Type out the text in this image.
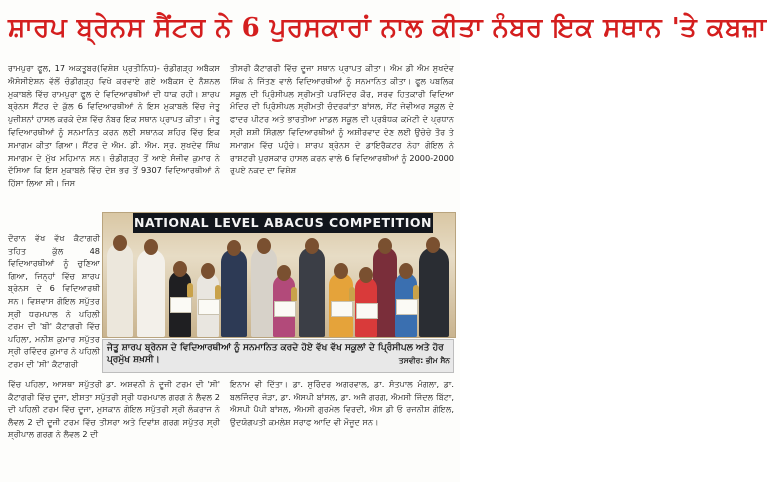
ਸ਼ਾਰਪ ਬ੍ਰੇਨਸ ਸੈਂਟਰ ਨੇ 6 ਪੁਰਸਕਾਰਾਂ ਨਾਲ ਕੀਤਾ ਨੰਬਰ ਇਕ ਸਥਾਨ 'ਤੇ ਕਬਜ਼ਾ
ਰਾਮਪੁਰਾ ਫੂਲ, 17 ਅਕਤੂਬਰ(ਵਿਸ਼ੇਸ਼ ਪ੍ਰਤੀਨਿਧ)- ਚੰਡੀਗੜ੍ਹ ਅਬੈਕਸ ਐਸੋਸੀਏਸ਼ਨ ਵੱਲੋਂ ਚੰਡੀਗੜ੍ਹ ਵਿਖੇ ਕਰਵਾਏ ਗਏ ਅਬੈਕਸ ਦੇ ਨੈਸ਼ਨਲ ਮੁਕਾਬਲੇ ਵਿੱਚ ਰਾਮਪੁਰਾ ਫੂਲ ਦੇ ਵਿਦਿਆਰਥੀਆਂ ਦੀ ਧਾਕ ਰਹੀ। ਸ਼ਾਰਪ ਬ੍ਰੇਨਸ ਸੈਂਟਰ ਦੇ ਕੁੱਲ 6 ਵਿਦਿਆਰਥੀਆਂ ਨੇ ਇਸ ਮੁਕਾਬਲੇ ਵਿੱਚ ਜੇਤੂ ਪੁਜ਼ੀਸ਼ਨਾਂ ਹਾਸਲ ਕਰਕੇ ਦੇਸ਼ ਵਿੱਚ ਨੰਬਰ ਇਕ ਸਥਾਨ ਪ੍ਰਾਪਤ ਕੀਤਾ। ਜੇਤੂ ਵਿਦਿਆਰਥੀਆਂ ਨੂੰ ਸਨਮਾਨਿਤ ਕਰਨ ਲਈ ਸਥਾਨਕ ਸ਼ਹਿਰ ਵਿੱਚ ਇਕ ਸਮਾਗਮ ਕੀਤਾ ਗਿਆ। ਸੈਂਟਰ ਦੇ ਐਮ. ਡੀ. ਐਮ. ਸ੍ਰ. ਸੁਖਦੇਵ ਸਿੰਘ ਸਮਾਗਮ ਦੇ ਮੁੱਖ ਮਹਿਮਾਨ ਸਨ। ਚੰਡੀਗੜ੍ਹ ਤੋਂ ਆਏ ਸੰਜੀਵ ਕੁਮਾਰ ਨੇ ਦੱਸਿਆ ਕਿ ਇਸ ਮੁਕਾਬਲੇ ਵਿੱਚ ਦੇਸ਼ ਭਰ ਤੋਂ 9307 ਵਿਦਿਆਰਥੀਆਂ ਨੇ ਹਿੱਸਾ ਲਿਆ ਸੀ। ਜਿਸ
ਤੀਸਰੀ ਕੈਟਾਗਰੀ ਵਿੱਚ ਦੂਜਾ ਸਥਾਨ ਪ੍ਰਾਪਤ ਕੀਤਾ। ਐਮ ਡੀ ਐਮ ਸੁਖਦੇਵ ਸਿੰਘ ਨੇ ਜਿੱਤਣ ਵਾਲੇ ਵਿਦਿਆਰਥੀਆਂ ਨੂੰ ਸਨਮਾਨਿਤ ਕੀਤਾ। ਫੂਲ ਪਬਲਿਕ ਸਕੂਲ ਦੀ ਪ੍ਰਿੰਸੀਪਲ ਸ੍ਰੀਮਤੀ ਪਰਮਿੰਦਰ ਕੌਰ, ਸਰਵ ਹਿਤਕਾਰੀ ਵਿਦਿਆ ਮੰਦਿਰ ਦੀ ਪ੍ਰਿੰਸੀਪਲ ਸ੍ਰੀਮਤੀ ਚੰਦਰਕਾਂਤਾ ਬਾਂਸਲ, ਸੇਂਟ ਜੇਵੀਅਰ ਸਕੂਲ ਦੇ ਫਾਦਰ ਪੀਟਰ ਅਤੇ ਭਾਰਤੀਆ ਮਾਡਲ ਸਕੂਲ ਦੀ ਪ੍ਰਬੰਧਕ ਕਮੇਟੀ ਦੇ ਪ੍ਰਧਾਨ ਸ੍ਰੀ ਸ਼ਸ਼ੀ ਸਿੰਗਲਾ ਵਿਦਿਆਰਥੀਆਂ ਨੂੰ ਅਸ਼ੀਰਵਾਦ ਦੇਣ ਲਈ ਉਚੇਚੇ ਤੌਰ ਤੇ ਸਮਾਗਮ ਵਿੱਚ ਪਹੁੰਚੇ। ਸ਼ਾਰਪ ਬ੍ਰੇਨਸ ਦੇ ਡਾਇਰੈਕਟਰ ਨੇਹਾ ਗੋਇਲ ਨੇ ਰਾਸ਼ਟਰੀ ਪੁਰਸਕਾਰ ਹਾਸਲ ਕਰਨ ਵਾਲੇ 6 ਵਿਦਿਆਰਥੀਆਂ ਨੂੰ 2000-2000 ਰੁਪਏ ਨਕਦ ਦਾ ਵਿਸ਼ੇਸ਼
ਦੌਰਾਨ ਵੱਖ ਵੱਖ ਕੈਟਾਗਰੀ ਤਹਿਤ ਕੁੱਲ 48 ਵਿਦਿਆਰਥੀਆਂ ਨੂੰ ਚੁਣਿਆ ਗਿਆ, ਜਿਨ੍ਹਾਂ ਵਿੱਚ ਸ਼ਾਰਪ ਬ੍ਰੇਨਸ ਦੇ 6 ਵਿਦਿਆਰਥੀ ਸਨ। ਵਿਸ਼ਵਾਸ ਗੋਇਲ ਸਪੁੱਤਰ ਸ੍ਰੀ ਧਰਮਪਾਲ ਨੇ ਪਹਿਲੀ ਟਰਮ ਦੀ 'ਬੀ' ਕੈਟਾਗਰੀ ਵਿੱਚ ਪਹਿਲਾ, ਮਨੀਸ਼ ਕੁਮਾਰ ਸਪੁੱਤਰ ਸ੍ਰੀ ਰਵਿੰਦਰ ਕੁਮਾਰ ਨੇ ਪਹਿਲੀ ਟਰਮ ਦੀ 'ਸੀ' ਕੈਟਾਗਰੀ
NATIONAL LEVEL ABACUS COMPETITION
ਜੇਤੂ ਸ਼ਾਰਪ ਬ੍ਰੇਨਸ ਦੇ ਵਿਦਿਆਰਥੀਆਂ ਨੂੰ ਸਨਮਾਨਿਤ ਕਰਦੇ ਹੋਏ ਵੱਖ ਵੱਖ ਸਕੂਲਾਂ ਦੇ ਪ੍ਰਿੰਸੀਪਲ ਅਤੇ ਹੋਰ ਪ੍ਰਮੁੱਖ ਸ਼ਖ਼ਸੀ।	ਤਸਵੀਰ: ਭੀਮ ਸੈਨ
ਵਿੱਚ ਪਹਿਲਾ, ਆਸਥਾ ਸਪੁੱਤਰੀ ਡਾ. ਅਸ਼ਵਨੀ ਨੇ ਦੂਜੀ ਟਰਮ ਦੀ 'ਸੀ' ਕੈਟਾਗਰੀ ਵਿੱਚ ਦੂਜਾ, ਈਸ਼ਤਾ ਸਪੁੱਤਰੀ ਸ੍ਰੀ ਧਰਮਪਾਲ ਗਰਗ ਨੇ ਲੈਵਲ 2 ਦੀ ਪਹਿਲੀ ਟਰਮ ਵਿੱਚ ਦੂਜਾ, ਮੁਸਕਾਨ ਗੋਇਲ ਸਪੁੱਤਰੀ ਸ੍ਰੀ ਲੋਕਰਾਜ ਨੇ ਲੈਵਲ 2 ਦੀ ਦੂਜੀ ਟਰਮ ਵਿੱਚ ਤੀਸਰਾ ਅਤੇ ਦਿਵਾਂਸ਼ ਗਰਗ ਸਪੁੱਤਰ ਸ੍ਰੀ ਸ਼੍ਰੀਪਾਲ ਗਰਗ ਨੇ ਲੈਵਲ 2 ਦੀ
ਇਨਾਮ ਵੀ ਦਿੱਤਾ। ਡਾ. ਸੁਰਿੰਦਰ ਅਗਰਵਾਲ, ਡਾ. ਸੰਤਪਾਲ ਮੰਗਲਾ, ਡਾ. ਬਲਜਿੰਦਰ ਜੋੜਾ, ਡਾ. ਐਸਪੀ ਬਾਂਸਲ, ਡਾ. ਅਜੈ ਗਰਗ, ਐਮਸੀ ਜਿੰਦਲ ਬਿੱਟਾ, ਐਸਪੀ ਪੈਪੀ ਬਾਂਸਲ, ਐਮਸੀ ਗੁਰਮੇਲ ਵਿਰਦੀ, ਐਸ ਡੀ ਓ ਰਜਨੀਸ਼ ਗੋਇਲ, ਉਦਯੋਗਪਤੀ ਕਮਲੇਸ਼ ਸਰਾਫ ਆਦਿ ਵੀ ਮੌਜੂਦ ਸਨ।
